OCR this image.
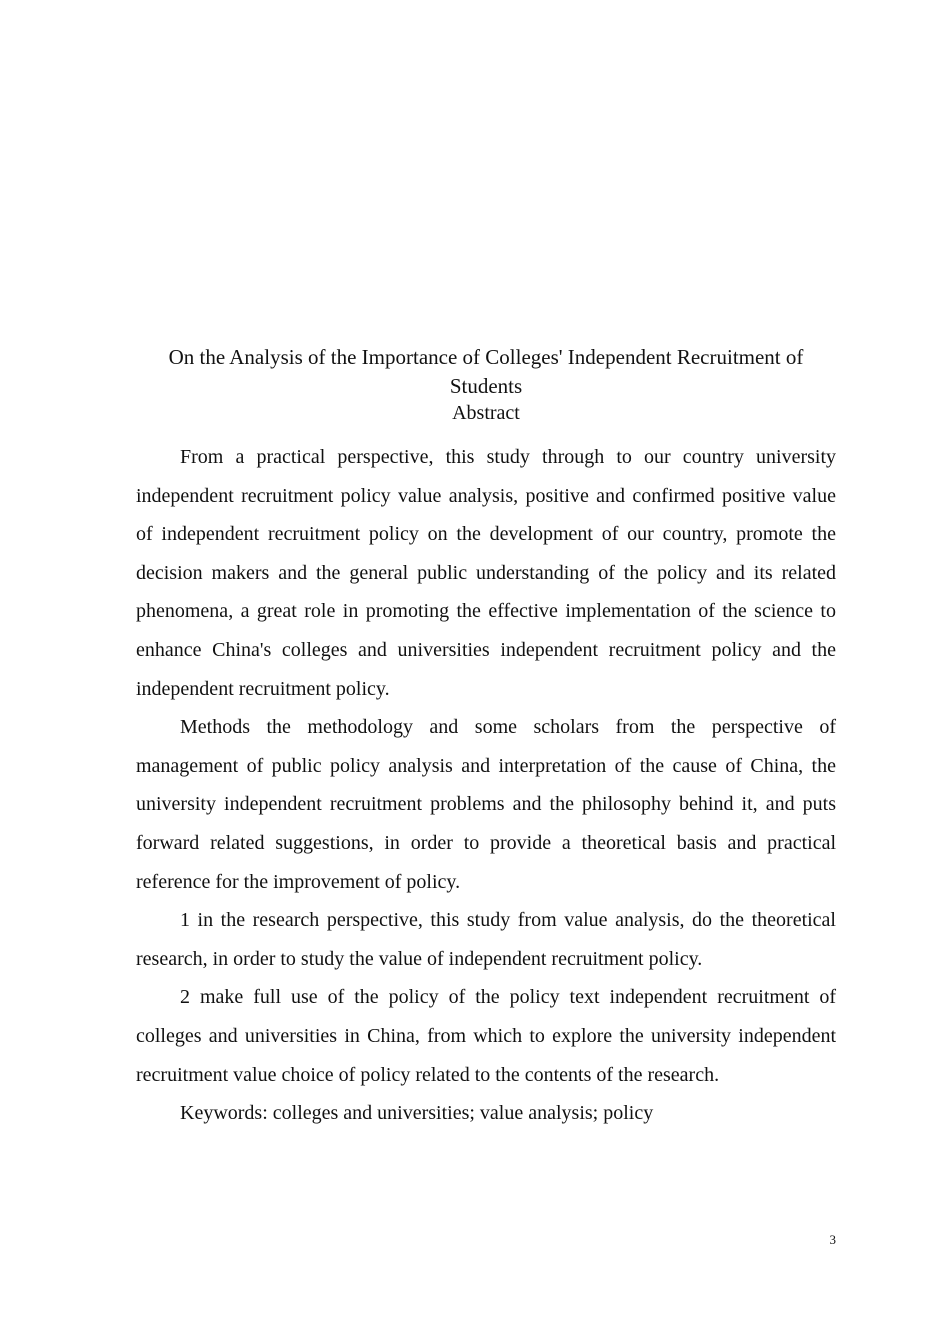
On the Analysis of the Importance of Colleges' Independent Recruitment of Students
Abstract

From a practical perspective, this study through to our country university independent recruitment policy value analysis, positive and confirmed positive value of independent recruitment policy on the development of our country, promote the decision makers and the general public understanding of the policy and its related phenomena, a great role in promoting the effective implementation of the science to enhance China's colleges and universities independent recruitment policy and the independent recruitment policy.

Methods the methodology and some scholars from the perspective of management of public policy analysis and interpretation of the cause of China, the university independent recruitment problems and the philosophy behind it, and puts forward related suggestions, in order to provide a theoretical basis and practical reference for the improvement of policy.

1 in the research perspective, this study from value analysis, do the theoretical research, in order to study the value of independent recruitment policy.

2 make full use of the policy of the policy text independent recruitment of colleges and universities in China, from which to explore the university independent recruitment value choice of policy related to the contents of the research.

Keywords: colleges and universities; value analysis; policy

3
